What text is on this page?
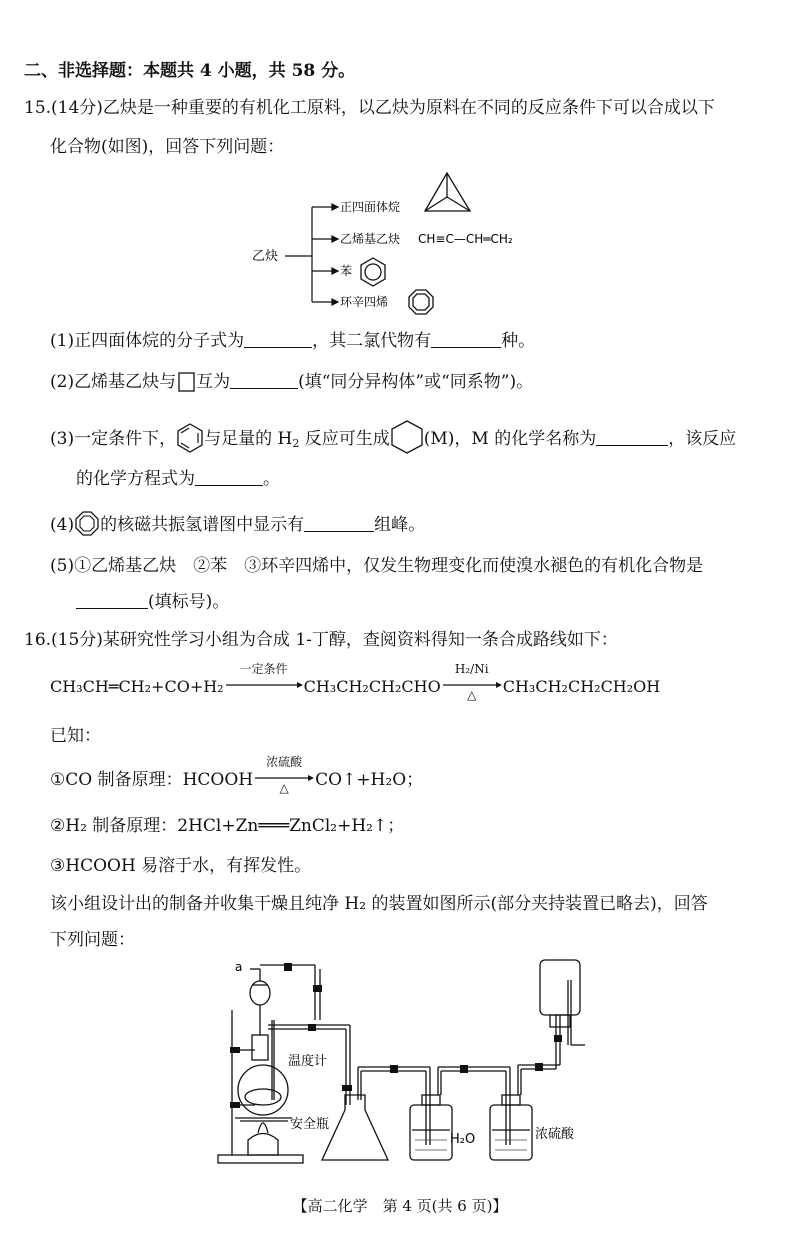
二、非选择题：本题共 4 小题，共 58 分。
15.(14分)乙炔是一种重要的有机化工原料，以乙炔为原料在不同的反应条件下可以合成以下
化合物(如图)，回答下列问题：
乙炔
正四面体烷
乙烯基乙炔 CH≡C—CH═CH₂
苯
环辛四烯
(1)正四面体烷的分子式为	，其二氯代物有	种。
(2)乙烯基乙炔与 互为	(填“同分异构体”或“同系物”)。
(3)一定条件下， 与足量的 $H_2$ 反应可生成 (M)，M 的化学名称为	，该反应
的化学方程式为	。
(4) 的核磁共振氢谱图中显示有	组峰。
(5)①乙烯基乙炔　②苯　③环辛四烯中，仅发生物理变化而使溴水褪色的有机化合物是
(填标号)。
16.(15分)某研究性学习小组为合成 1-丁醇，查阅资料得知一条合成路线如下：
CH₃CH═CH₂+CO+H₂
一定条件
CH₃CH₂CH₂CHO
H₂/Ni
△	CH₃CH₂CH₂CH₂OH
已知：
①CO 制备原理：HCOOH
浓硫酸
△	CO↑+H₂O；
②H₂ 制备原理：2HCl+Zn═══ZnCl₂+H₂↑；
③HCOOH 易溶于水，有挥发性。
该小组设计出的制备并收集干燥且纯净 H₂ 的装置如图所示(部分夹持装置已略去)，回答
下列问题：
a
温度计
安全瓶
H₂O	浓硫酸
【高二化学　第 4 页(共 6 页)】
